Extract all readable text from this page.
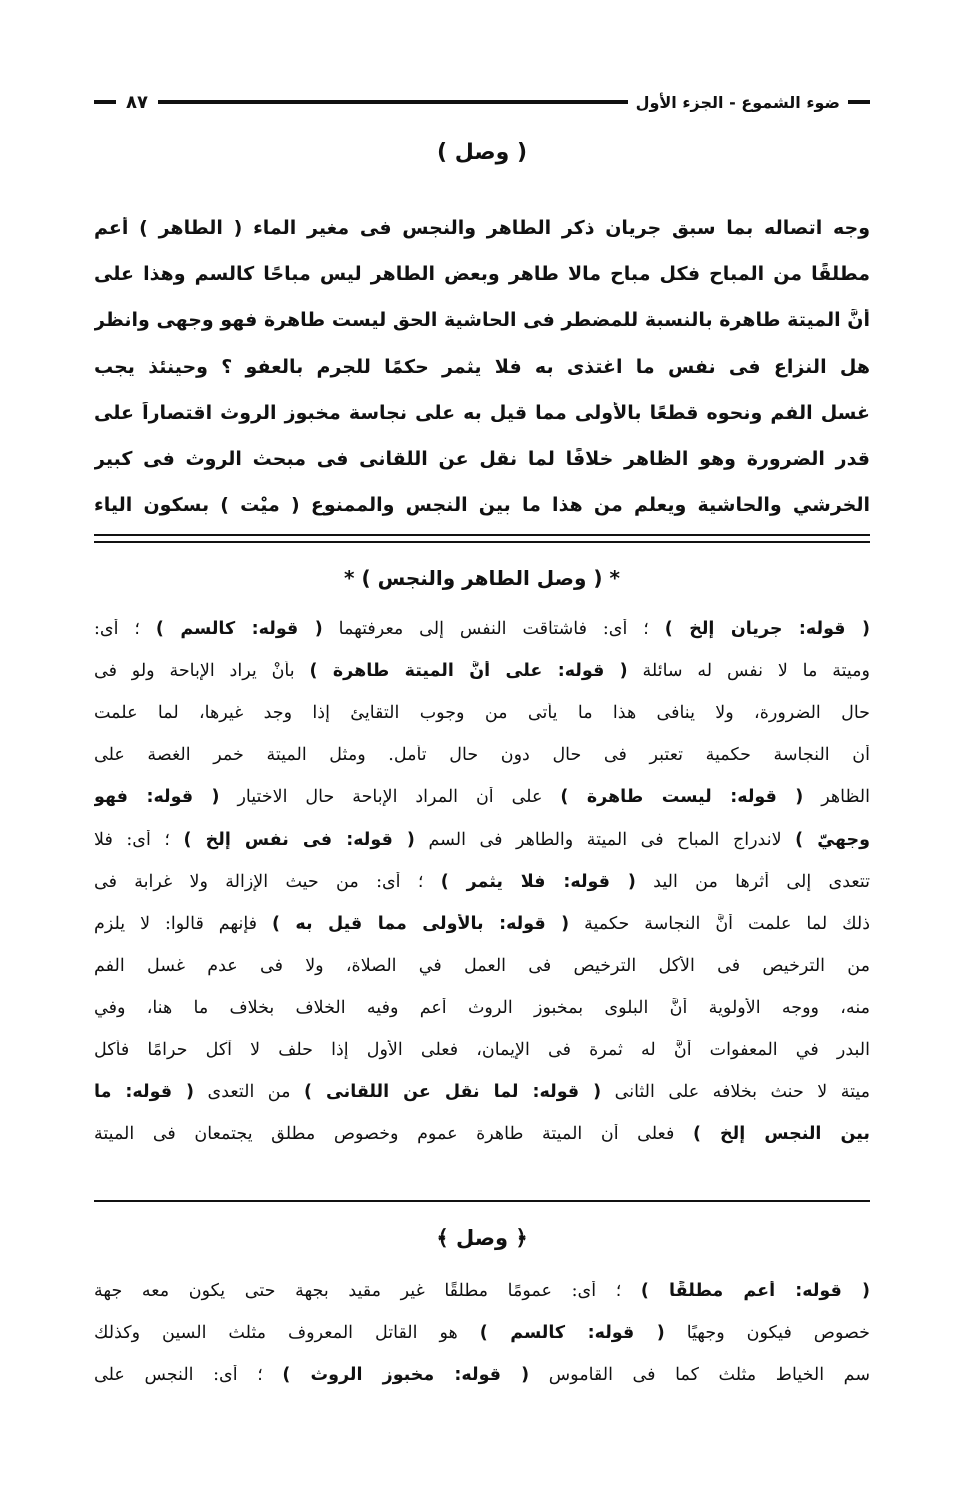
ضوء الشموع - الجزء الأول
٨٧
( وصل )
وجه اتصاله بما سبق جريان ذكر الطاهر والنجس فى مغير الماء ( الطاهر ) أعم
مطلقًا من المباح فكل مباح مالا طاهر وبعض الطاهر ليس مباحًا كالسم وهذا على
أنَّ الميتة طاهرة بالنسبة للمضطر فى الحاشية الحق ليست طاهرة فهو وجهى وانظر
هل النزاع فى نفس ما اغتذى به فلا يثمر حكمًا للجرم بالعفو ؟ وحينئذ يجب
غسل الفم ونحوه قطعًا بالأولى مما قيل به على نجاسة مخبوز الروث اقتصاراً على
قدر الضرورة وهو الظاهر خلافًا لما نقل عن اللقانى فى مبحث الروث فى كبير
الخرشي والحاشية ويعلم من هذا ما بين النجس والممنوع ( ميْت ) بسكون الياء
* ( وصل الطاهر والنجس ) *
( قوله: جريان إلخ ) ؛ أى: فاشتاقت النفس إلى معرفتهما ( قوله: كالسم ) ؛ أى:
وميتة ما لا نفس له سائلة ( قوله: على أنَّ الميتة طاهرة ) بأنْ يراد الإباحة ولو فى
حال الضرورة، ولا ينافى هذا ما يأتى من وجوب التقايئ إذا وجد غيرها، لما علمت
أن النجاسة حكمية تعتبر فى حال دون حال تأمل. ومثل الميتة خمر الغصة على
الظاهر ( قوله: ليست طاهرة ) على أن المراد الإباحة حال الاختيار ( قوله: فهو
وجهيّ ) لاندراج المباح فى الميتة والطاهر فى السم ( قوله: فى نفس إلخ ) ؛ أى: فلا
تتعدى إلى أثرها من اليد ( قوله: فلا يثمر ) ؛ أى: من حيث الإزالة ولا غرابة فى
ذلك لما علمت أنَّ النجاسة حكمية ( قوله: بالأولى مما قيل به ) فإنهم قالوا: لا يلزم
من الترخيص فى الأكل الترخيص فى العمل في الصلاة، ولا فى عدم غسل الفم
منه، ووجه الأولوية أنَّ البلوى بمخبوز الروث أعم وفيه الخلاف بخلاف ما هنا، وفي
البدر في المعفوات أنَّ له ثمرة فى الإيمان، فعلى الأول إذا حلف لا آكل حرامًا فأكل
ميتة لا حنث بخلافه على الثانى ( قوله: لما نقل عن اللقانى ) من التعدى ( قوله: ما
بين النجس إلخ ) فعلى أن الميتة طاهرة عموم وخصوص مطلق يجتمعان فى الميتة
﴿ وصل ﴾
( قوله: أعم مطلقًا ) ؛ أى: عمومًا مطلقًا غير مقيد بجهة حتى يكون معه جهة
خصوص فيكون وجهيًا ( قوله: كالسم ) هو القاتل المعروف مثلث السين وكذلك
سم الخياط مثلث كما فى القاموس ( قوله: مخبوز الروث ) ؛ أى: النجس على
